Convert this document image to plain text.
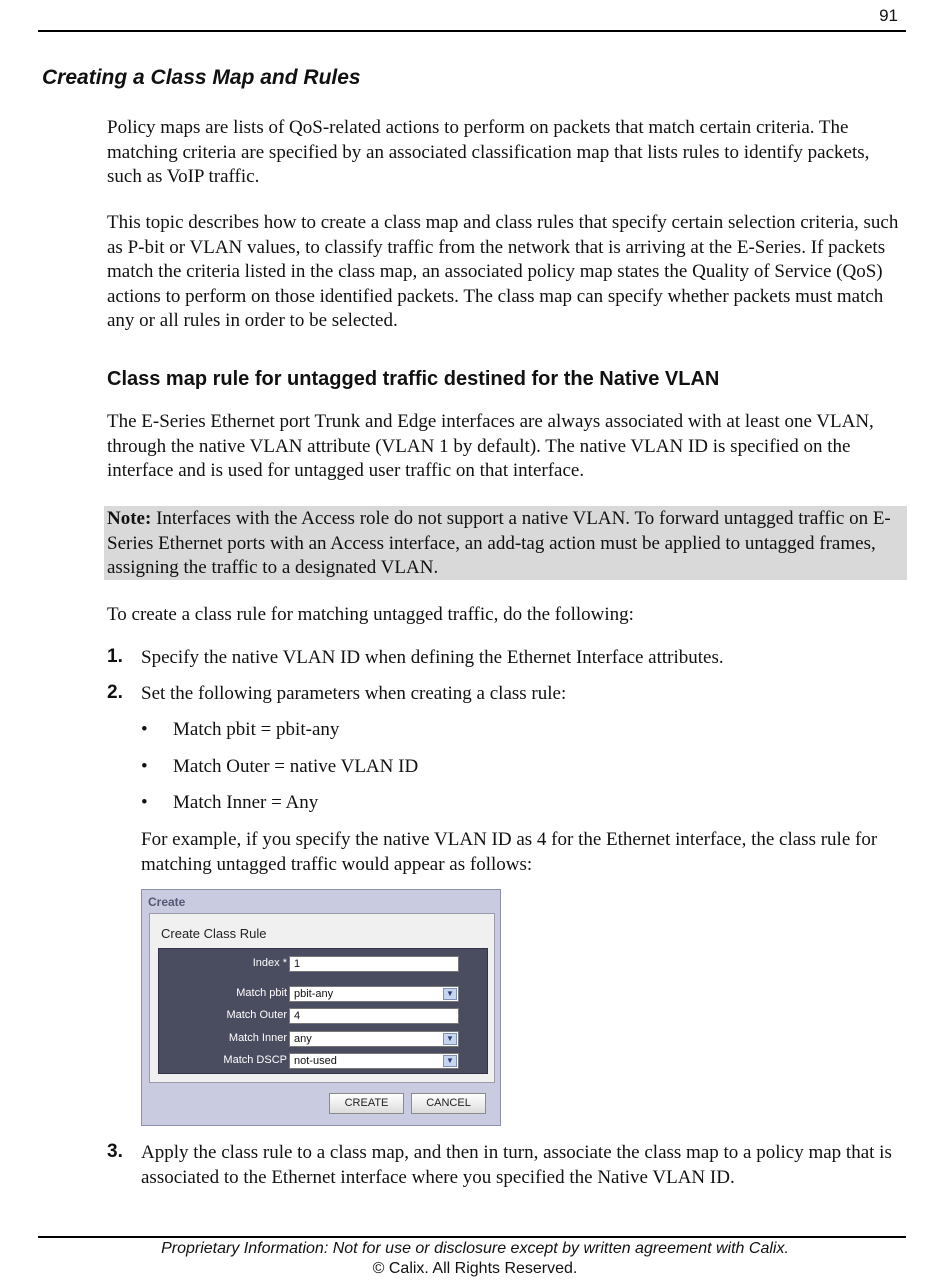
91
Creating a Class Map and Rules

Policy maps are lists of QoS-related actions to perform on packets that match certain criteria. The matching criteria are specified by an associated classification map that lists rules to identify packets, such as VoIP traffic.

This topic describes how to create a class map and class rules that specify certain selection criteria, such as P-bit or VLAN values, to classify traffic from the network that is arriving at the E-Series. If packets match the criteria listed in the class map, an associated policy map states the Quality of Service (QoS) actions to perform on those identified packets. The class map can specify whether packets must match any or all rules in order to be selected.

Class map rule for untagged traffic destined for the Native VLAN

The E-Series Ethernet port Trunk and Edge interfaces are always associated with at least one VLAN, through the native VLAN attribute (VLAN 1 by default). The native VLAN ID is specified on the interface and is used for untagged user traffic on that interface.

Note: Interfaces with the Access role do not support a native VLAN. To forward untagged traffic on E-Series Ethernet ports with an Access interface, an add-tag action must be applied to untagged frames, assigning the traffic to a designated VLAN.

To create a class rule for matching untagged traffic, do the following:

1. Specify the native VLAN ID when defining the Ethernet Interface attributes.

2. Set the following parameters when creating a class rule:

• Match pbit = pbit-any
• Match Outer = native VLAN ID
• Match Inner = Any

For example, if you specify the native VLAN ID as 4 for the Ethernet interface, the class rule for matching untagged traffic would appear as follows:

Create
Create Class Rule
Index * 1
Match pbit pbit-any	▼
Match Outer 4
Match Inner any	▼
Match DSCP not-used	▼
CREATE	CANCEL
3. Apply the class rule to a class map, and then in turn, associate the class map to a policy map that is associated to the Ethernet interface where you specified the Native VLAN ID.

Proprietary Information: Not for use or disclosure except by written agreement with Calix.
© Calix. All Rights Reserved.
